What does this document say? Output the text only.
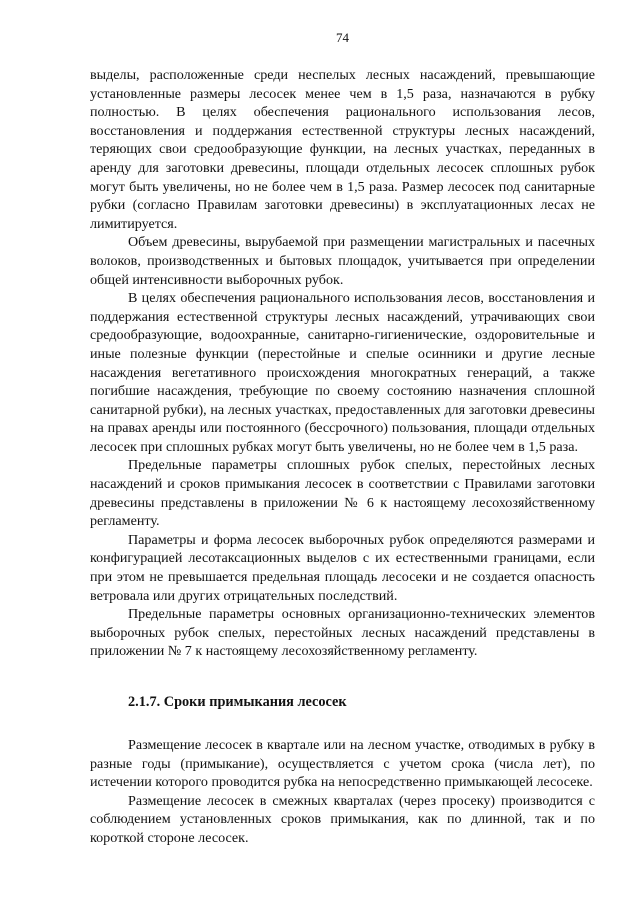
74

выделы, расположенные среди неспелых лесных насаждений, превышающие установленные размеры лесосек менее чем в 1,5 раза, назначаются в рубку полностью. В целях обеспечения рационального использования лесов, восстановления и поддержания естественной структуры лесных насаждений, теряющих свои средообразующие функции, на лесных участках, переданных в аренду для заготовки древесины, площади отдельных лесосек сплошных рубок могут быть увеличены, но не более чем в 1,5 раза. Размер лесосек под санитарные рубки (согласно Правилам заготовки древесины) в эксплуатационных лесах не лимитируется.

Объем древесины, вырубаемой при размещении магистральных и пасечных волоков, производственных и бытовых площадок, учитывается при определении общей интенсивности выборочных рубок.

В целях обеспечения рационального использования лесов, восстановления и поддержания естественной структуры лесных насаждений, утрачивающих свои средообразующие, водоохранные, санитарно-гигиенические, оздоровительные и иные полезные функции (перестойные и спелые осинники и другие лесные насаждения вегетативного происхождения многократных генераций, а также погибшие насаждения, требующие по своему состоянию назначения сплошной санитарной рубки), на лесных участках, предоставленных для заготовки древесины на правах аренды или постоянного (бессрочного) пользования, площади отдельных лесосек при сплошных рубках могут быть увеличены, но не более чем в 1,5 раза.

Предельные параметры сплошных рубок спелых, перестойных лесных насаждений и сроков примыкания лесосек в соответствии с Правилами заготовки древесины представлены в приложении № 6 к настоящему лесохозяйственному регламенту.

Параметры и форма лесосек выборочных рубок определяются размерами и конфигурацией лесотаксационных выделов с их естественными границами, если при этом не превышается предельная площадь лесосеки и не создается опасность ветровала или других отрицательных последствий.

Предельные параметры основных организационно-технических элементов выборочных рубок спелых, перестойных лесных насаждений представлены в приложении № 7 к настоящему лесохозяйственному регламенту.

2.1.7. Сроки примыкания лесосек

Размещение лесосек в квартале или на лесном участке, отводимых в рубку в разные годы (примыкание), осуществляется с учетом срока (числа лет), по истечении которого проводится рубка на непосредственно примыкающей лесосеке.

Размещение лесосек в смежных кварталах (через просеку) производится с соблюдением установленных сроков примыкания, как по длинной, так и по короткой стороне лесосек.
